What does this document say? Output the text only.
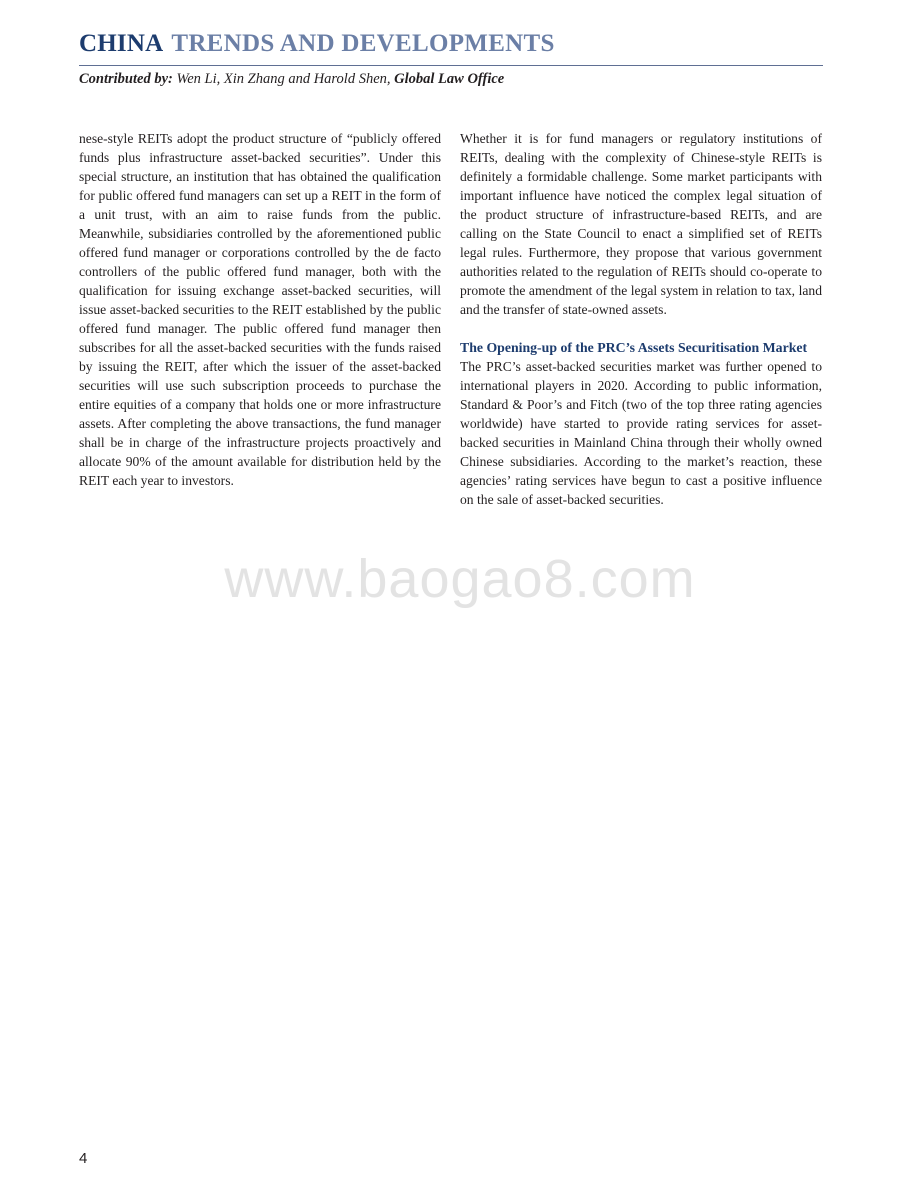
CHINA TRENDS AND DEVELOPMENTS
Contributed by: Wen Li, Xin Zhang and Harold Shen, Global Law Office

nese-style REITs adopt the product structure of “publicly offered funds plus infrastructure asset-backed securities”. Under this special structure, an institution that has obtained the qualification for public offered fund managers can set up a REIT in the form of a unit trust, with an aim to raise funds from the public. Meanwhile, subsidiaries controlled by the aforementioned public offered fund manager or corporations controlled by the de facto controllers of the public offered fund manager, both with the qualification for issuing exchange asset-backed securities, will issue asset-backed securities to the REIT established by the public offered fund manager. The public offered fund manager then subscribes for all the asset-backed securities with the funds raised by issuing the REIT, after which the issuer of the asset-backed securities will use such subscription proceeds to purchase the entire equities of a company that holds one or more infrastructure assets. After completing the above transactions, the fund manager shall be in charge of the infrastructure projects proactively and allocate 90% of the amount available for distribution held by the REIT each year to investors.

Whether it is for fund managers or regulatory institutions of REITs, dealing with the complexity of Chinese-style REITs is definitely a formidable challenge. Some market participants with important influence have noticed the complex legal situation of the product structure of infrastructure-based REITs, and are calling on the State Council to enact a simplified set of REITs legal rules. Furthermore, they propose that various government authorities related to the regulation of REITs should co-operate to promote the amendment of the legal system in relation to tax, land and the transfer of state-owned assets.

The Opening-up of the PRC’s Assets Securitisation Market

The PRC’s asset-backed securities market was further opened to international players in 2020. According to public information, Standard & Poor’s and Fitch (two of the top three rating agencies worldwide) have started to provide rating services for asset-backed securities in Mainland China through their wholly owned Chinese subsidiaries. According to the market’s reaction, these agencies’ rating services have begun to cast a positive influence on the sale of asset-backed securities.

www.baogao8.com
4
